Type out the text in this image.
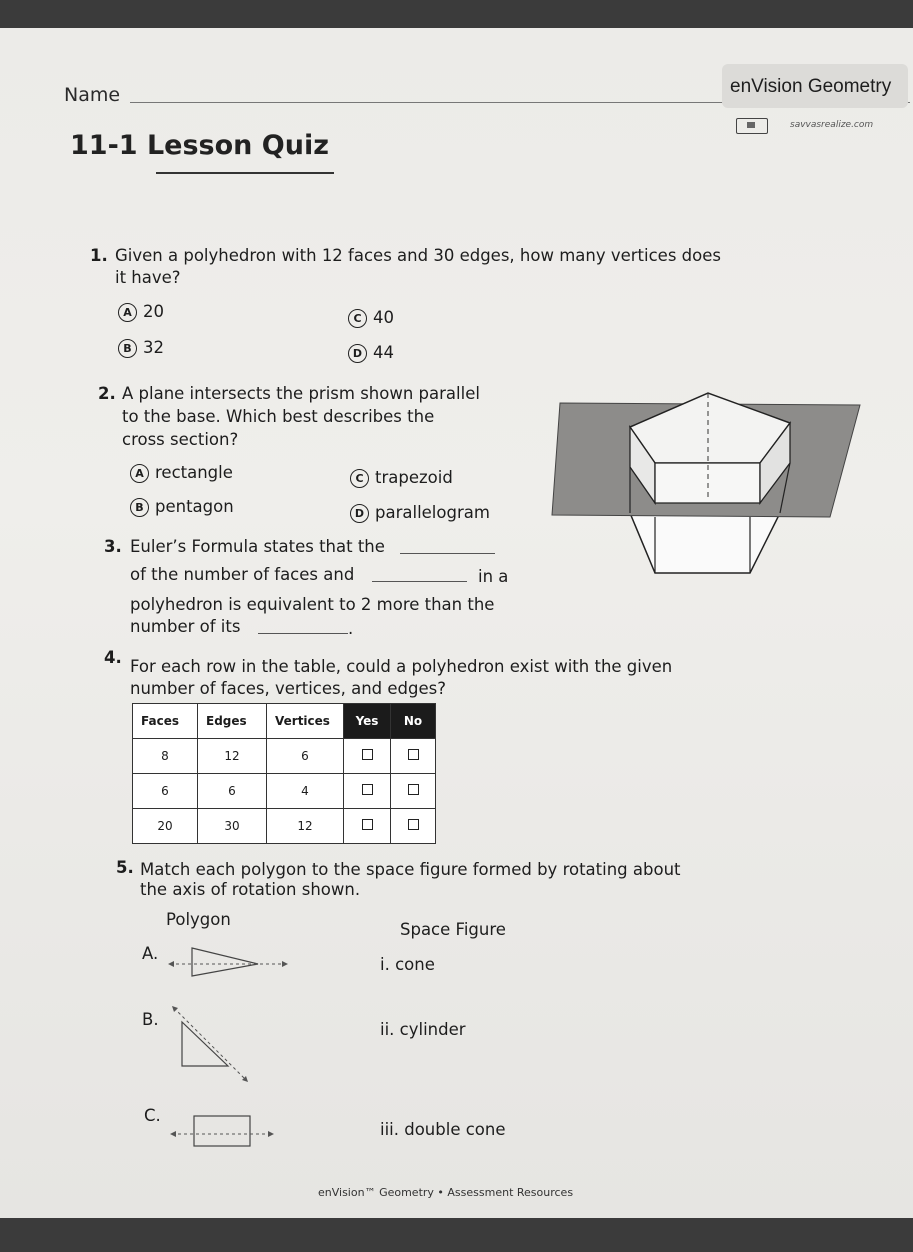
Name	enVision Geometry
savvasrealize.com
11-1 Lesson Quiz
1. Given a polyhedron with 12 faces and 30 edges, how many vertices does
it have?
A 20	C 40
B 32	D 44
2. A plane intersects the prism shown parallel
to the base. Which best describes the
cross section?
A rectangle	C trapezoid
B pentagon	D parallelogram
3. Euler’s Formula states that the
of the number of faces and	in a
polyhedron is equivalent to 2 more than the
number of its	.
4. For each row in the table, could a polyhedron exist with the given
number of faces, vertices, and edges?
Faces	Edges	Vertices	Yes	No
8	12	6		
6	6	4		
20	30	12		
5. Match each polygon to the space figure formed by rotating about
the axis of rotation shown.
Polygon
Space Figure
A.
B.
C.
i. cone
ii. cylinder
iii. double cone
enVision™ Geometry • Assessment Resources
